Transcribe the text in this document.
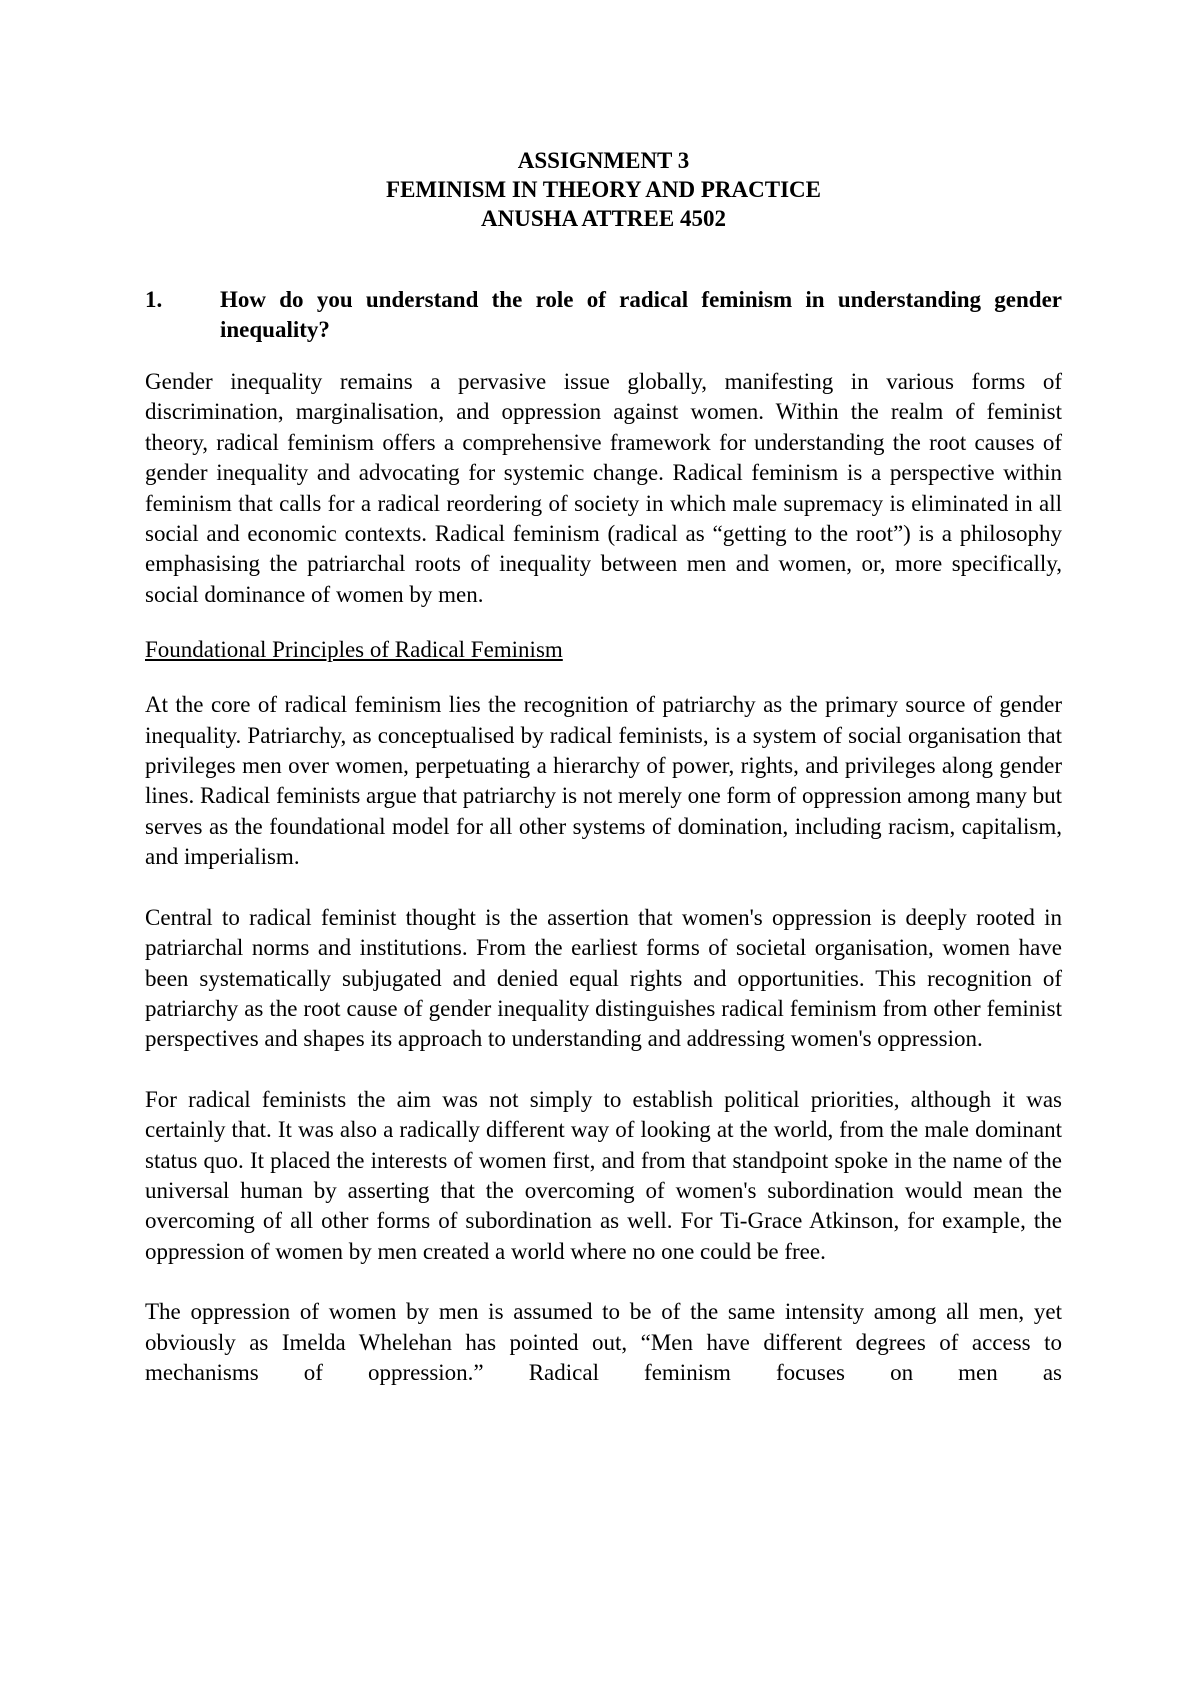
ASSIGNMENT 3
FEMINISM IN THEORY AND PRACTICE
ANUSHA ATTREE 4502
1.	How do you understand the role of radical feminism in understanding gender inequality?

Gender inequality remains a pervasive issue globally, manifesting in various forms of discrimination, marginalisation, and oppression against women. Within the realm of feminist theory, radical feminism offers a comprehensive framework for understanding the root causes of gender inequality and advocating for systemic change. Radical feminism is a perspective within feminism that calls for a radical reordering of society in which male supremacy is eliminated in all social and economic contexts. Radical feminism (radical as “getting to the root”) is a philosophy emphasising the patriarchal roots of inequality between men and women, or, more specifically, social dominance of women by men.

Foundational Principles of Radical Feminism

At the core of radical feminism lies the recognition of patriarchy as the primary source of gender inequality. Patriarchy, as conceptualised by radical feminists, is a system of social organisation that privileges men over women, perpetuating a hierarchy of power, rights, and privileges along gender lines. Radical feminists argue that patriarchy is not merely one form of oppression among many but serves as the foundational model for all other systems of domination, including racism, capitalism, and imperialism.

Central to radical feminist thought is the assertion that women's oppression is deeply rooted in patriarchal norms and institutions. From the earliest forms of societal organisation, women have been systematically subjugated and denied equal rights and opportunities. This recognition of patriarchy as the root cause of gender inequality distinguishes radical feminism from other feminist perspectives and shapes its approach to understanding and addressing women's oppression.

For radical feminists the aim was not simply to establish political priorities, although it was certainly that. It was also a radically different way of looking at the world, from the male dominant status quo. It placed the interests of women first, and from that standpoint spoke in the name of the universal human by asserting that the overcoming of women's subordination would mean the overcoming of all other forms of subordination as well. For Ti-Grace Atkinson, for example, the oppression of women by men created a world where no one could be free.

The oppression of women by men is assumed to be of the same intensity among all men, yet obviously as Imelda Whelehan has pointed out, “Men have different degrees of access to mechanisms of oppression.” Radical feminism focuses on men as
